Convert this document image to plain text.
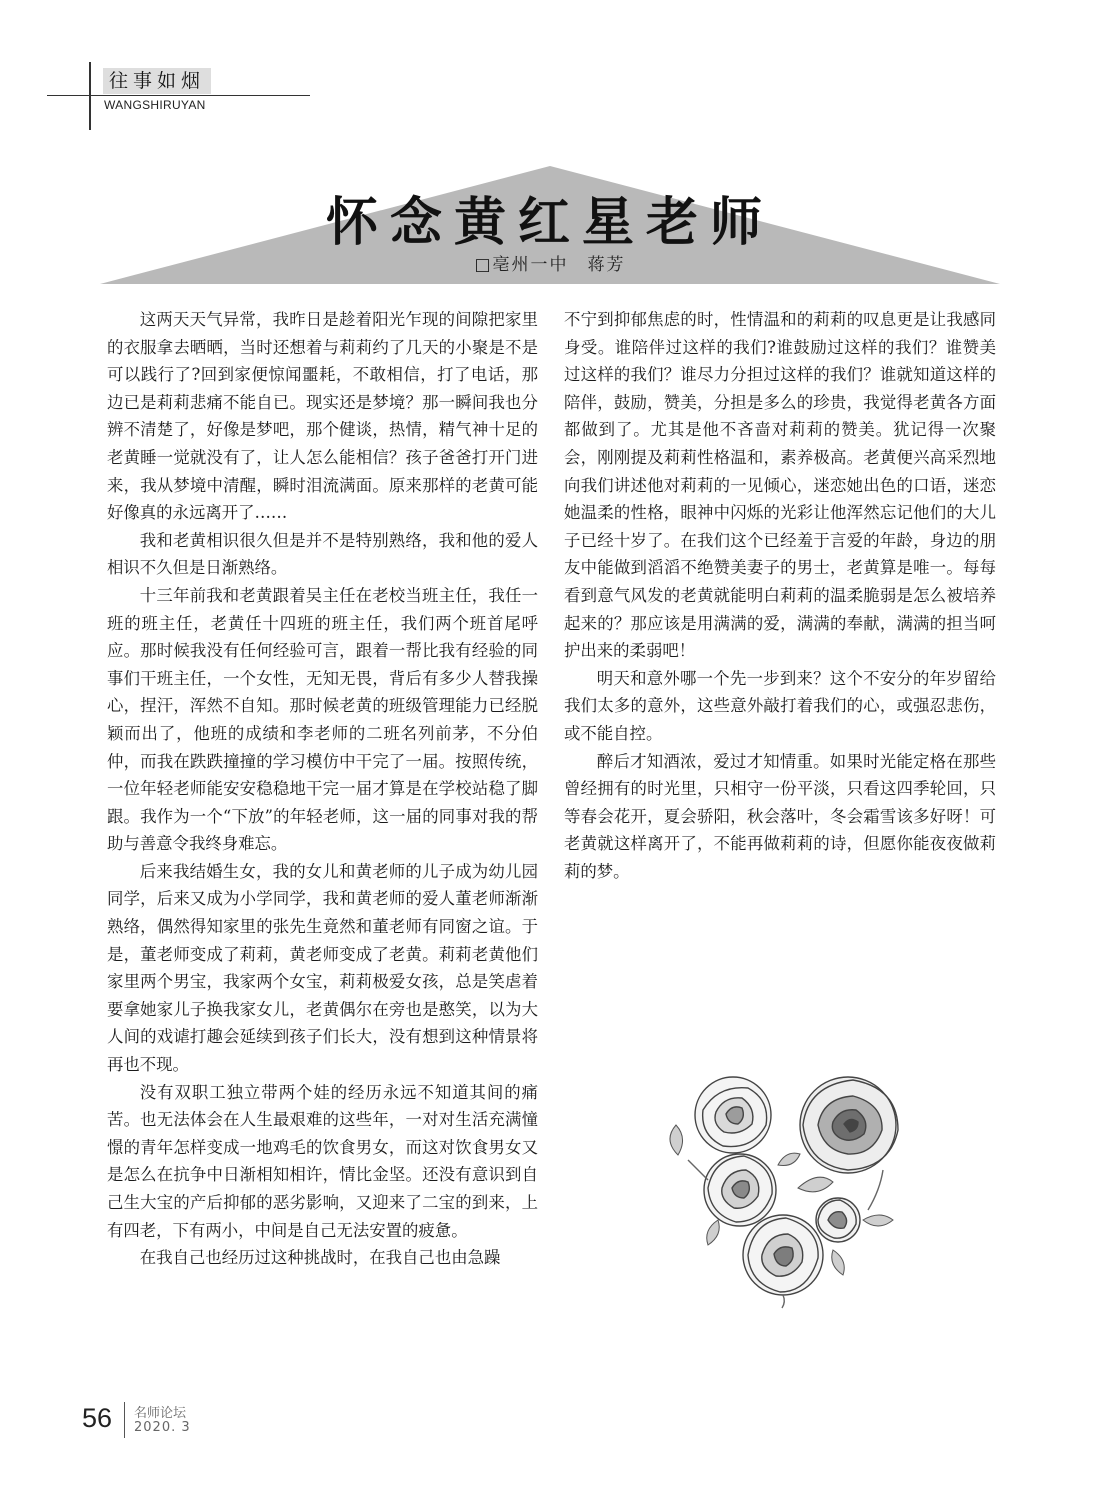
往事如烟
WANGSHIRUYAN
怀念黄红星老师
□亳州一中　蒋芳

这两天天气异常，我昨日是趁着阳光乍现的间隙把家里的衣服拿去晒晒，当时还想着与莉莉约了几天的小聚是不是可以践行了?回到家便惊闻噩耗，不敢相信，打了电话，那边已是莉莉悲痛不能自已。现实还是梦境？那一瞬间我也分辨不清楚了，好像是梦吧，那个健谈，热情，精气神十足的老黄睡一觉就没有了，让人怎么能相信？孩子爸爸打开门进来，我从梦境中清醒，瞬时泪流满面。原来那样的老黄可能好像真的永远离开了……

我和老黄相识很久但是并不是特别熟络，我和他的爱人相识不久但是日渐熟络。

十三年前我和老黄跟着吴主任在老校当班主任，我任一班的班主任，老黄任十四班的班主任，我们两个班首尾呼应。那时候我没有任何经验可言，跟着一帮比我有经验的同事们干班主任，一个女性，无知无畏，背后有多少人替我操心，捏汗，浑然不自知。那时候老黄的班级管理能力已经脱颖而出了，他班的成绩和李老师的二班名列前茅，不分伯仲，而我在跌跌撞撞的学习模仿中干完了一届。按照传统，一位年轻老师能安安稳稳地干完一届才算是在学校站稳了脚跟。我作为一个“下放”的年轻老师，这一届的同事对我的帮助与善意令我终身难忘。

后来我结婚生女，我的女儿和黄老师的儿子成为幼儿园同学，后来又成为小学同学，我和黄老师的爱人董老师渐渐熟络，偶然得知家里的张先生竟然和董老师有同窗之谊。于是，董老师变成了莉莉，黄老师变成了老黄。莉莉老黄他们家里两个男宝，我家两个女宝，莉莉极爱女孩，总是笑虐着要拿她家儿子换我家女儿，老黄偶尔在旁也是憨笑，以为大人间的戏谑打趣会延续到孩子们长大，没有想到这种情景将再也不现。

没有双职工独立带两个娃的经历永远不知道其间的痛苦。也无法体会在人生最艰难的这些年，一对对生活充满憧憬的青年怎样变成一地鸡毛的饮食男女，而这对饮食男女又是怎么在抗争中日渐相知相许，情比金坚。还没有意识到自己生大宝的产后抑郁的恶劣影响，又迎来了二宝的到来，上有四老，下有两小，中间是自己无法安置的疲惫。

在我自己也经历过这种挑战时，在我自己也由急躁

不宁到抑郁焦虑的时，性情温和的莉莉的叹息更是让我感同身受。谁陪伴过这样的我们?谁鼓励过这样的我们？谁赞美过这样的我们？谁尽力分担过这样的我们？谁就知道这样的陪伴，鼓励，赞美，分担是多么的珍贵，我觉得老黄各方面都做到了。尤其是他不吝啬对莉莉的赞美。犹记得一次聚会，刚刚提及莉莉性格温和，素养极高。老黄便兴高采烈地向我们讲述他对莉莉的一见倾心，迷恋她出色的口语，迷恋她温柔的性格，眼神中闪烁的光彩让他浑然忘记他们的大儿子已经十岁了。在我们这个已经羞于言爱的年龄，身边的朋友中能做到滔滔不绝赞美妻子的男士，老黄算是唯一。每每看到意气风发的老黄就能明白莉莉的温柔脆弱是怎么被培养起来的？那应该是用满满的爱，满满的奉献，满满的担当呵护出来的柔弱吧！

明天和意外哪一个先一步到来？这个不安分的年岁留给我们太多的意外，这些意外敲打着我们的心，或强忍悲伤，或不能自控。

醉后才知酒浓，爱过才知情重。如果时光能定格在那些曾经拥有的时光里，只相守一份平淡，只看这四季轮回，只等春会花开，夏会骄阳，秋会落叶，冬会霜雪该多好呀！可老黄就这样离开了，不能再做莉莉的诗，但愿你能夜夜做莉莉的梦。

56 名师论坛
2020. 3
